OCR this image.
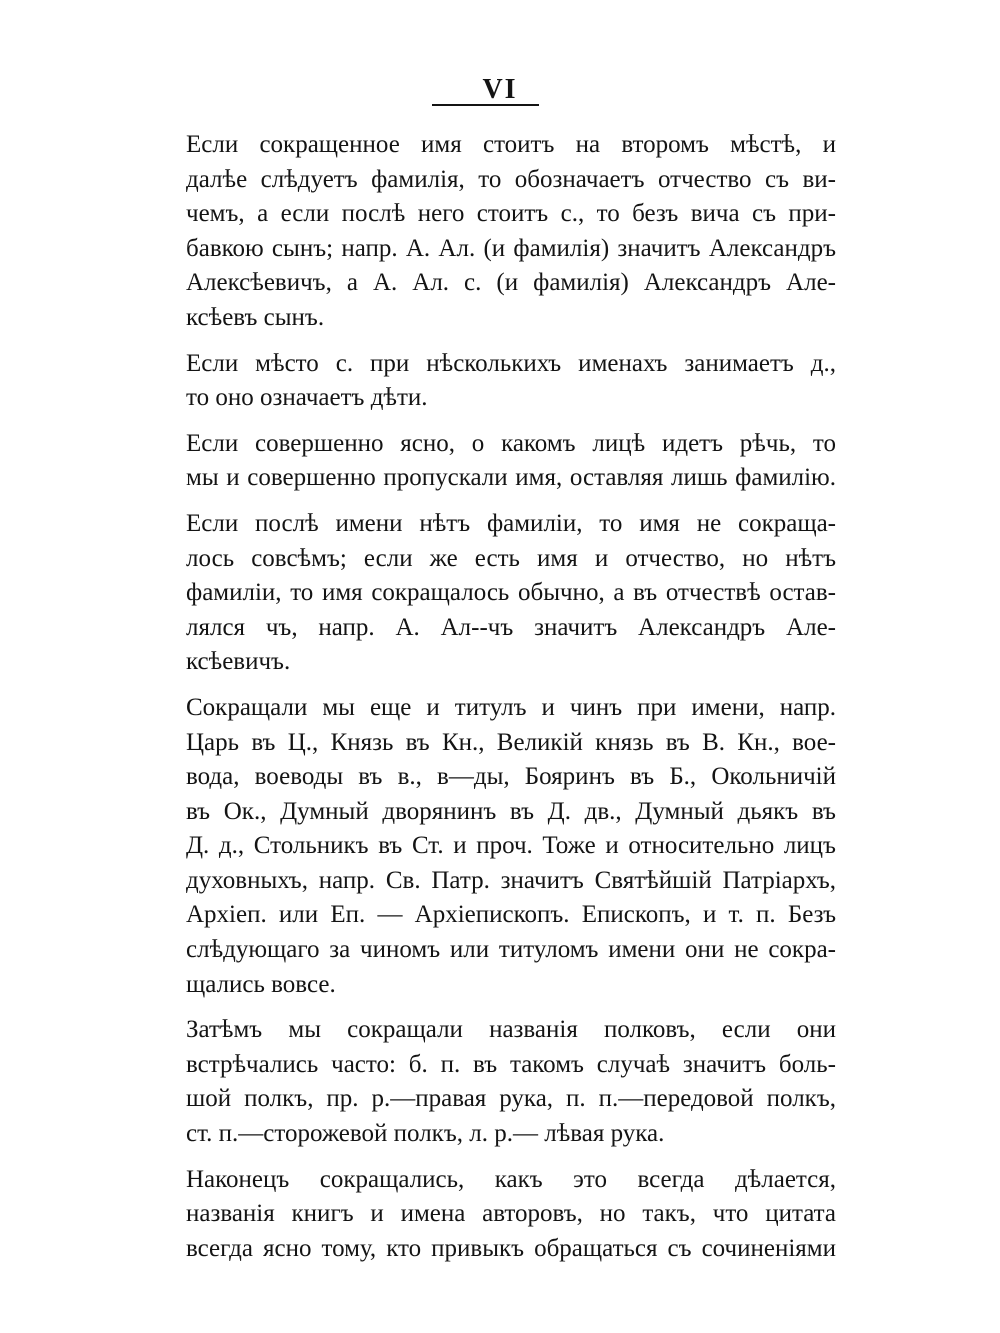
VI

Если сокращенное имя стоитъ на второмъ мѣстѣ, и
далѣе слѣдуетъ фамилія, то обозначаетъ отчество съ ви-
чемъ, а если послѣ него стоитъ с., то безъ вича съ при-
бавкою сынъ; напр. А. Ал. (и фамилія) значитъ Александръ
Алексѣевичъ, а А. Ал. с. (и фамилія) Александръ Але-
ксѣевъ сынъ.

Если мѣсто с. при нѣсколькихъ именахъ занимаетъ д.,
то оно означаетъ дѣти.

Если совершенно ясно, о какомъ лицѣ идетъ рѣчь, то
мы и совершенно пропускали имя, оставляя лишь фамилію.

Если послѣ имени нѣтъ фамиліи, то имя не сокраща-
лось совсѣмъ; если же есть имя и отчество, но нѣтъ
фамиліи, то имя сокращалось обычно, а въ отчествѣ остав-
лялся чъ, напр. А. Ал--чъ значитъ Александръ Але-
ксѣевичъ.

Сокращали мы еще и титулъ и чинъ при имени, напр.
Царь въ Ц., Князь въ Кн., Великій князь въ В. Кн., вое-
вода, воеводы въ в., в—ды, Бояринъ въ Б., Окольничій
въ Ок., Думный дворянинъ въ Д. дв., Думный дьякъ въ
Д. д., Стольникъ въ Ст. и проч. Тоже и относительно лицъ
духовныхъ, напр. Св. Патр. значитъ Святѣйшій Патріархъ,
Архіеп. или Еп. — Архіепископъ. Епископъ, и т. п. Безъ
слѣдующаго за чиномъ или титуломъ имени они не сокра-
щались вовсе.

Затѣмъ мы сокращали названія полковъ, если они
встрѣчались часто: б. п. въ такомъ случаѣ значитъ боль-
шой полкъ, пр. р.—правая рука, п. п.—передовой полкъ,
ст. п.—сторожевой полкъ, л. р.— лѣвая рука.

Наконецъ сокращались, какъ это всегда дѣлается,
названія книгъ и имена авторовъ, но такъ, что цитата
всегда ясно тому, кто привыкъ обращаться съ сочиненіями
